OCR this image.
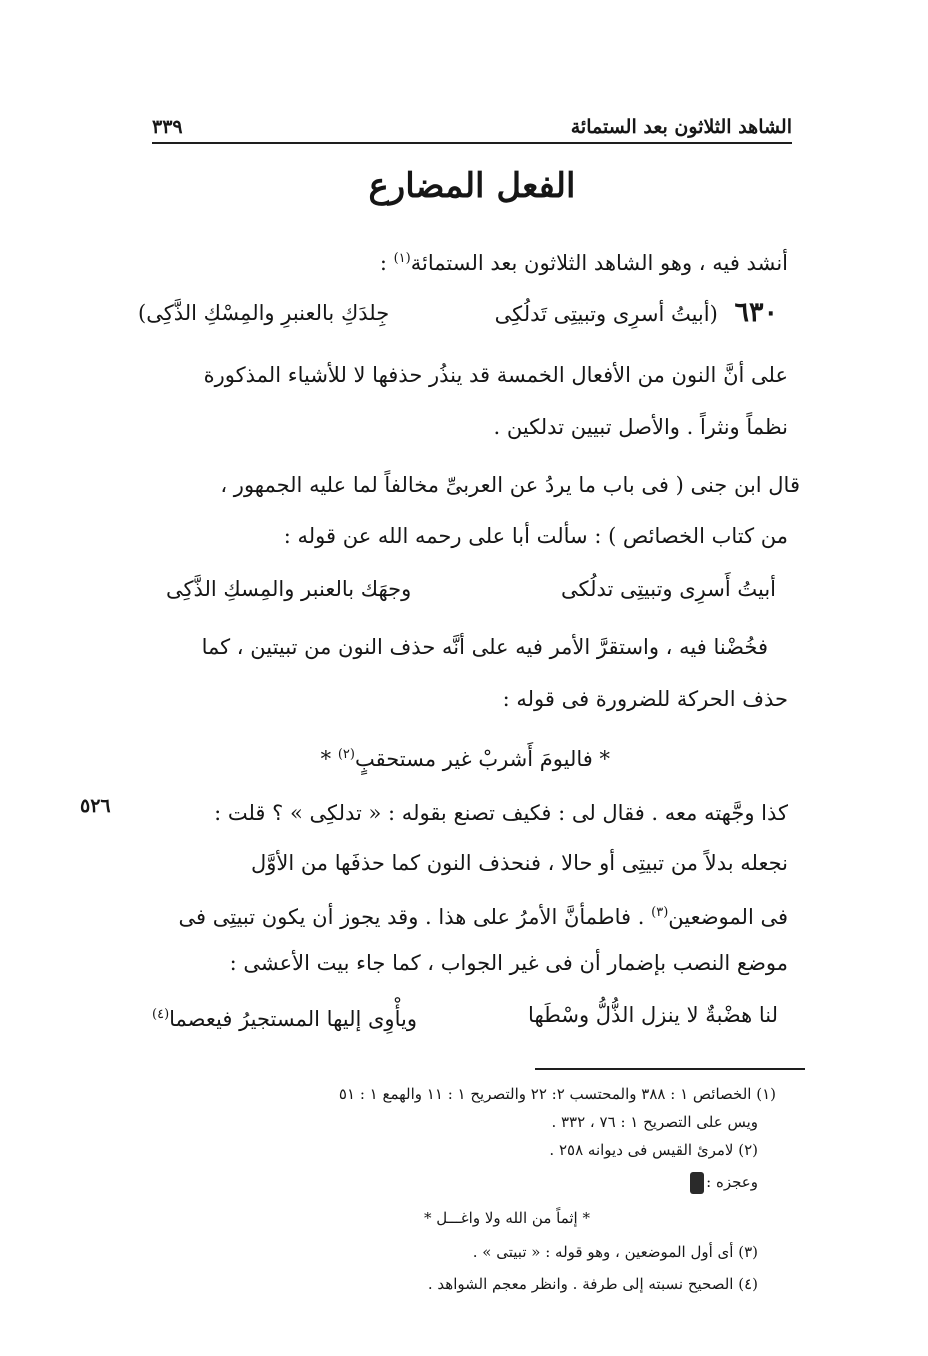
الشاهد الثلاثون بعد الستمائة
٣٣٩
الفعل المضارع

أنشد فيه ، وهو الشاهد الثلاثون بعد الستمائة$^{(١)}$ :

٦٣٠ (أبيتُ أسرِى وتبيتِى تَدلُكِى
جِلدَكِ بالعنبرِ والمِسْكِ الذَّكِى)

على أنَّ النون من الأفعال الخمسة قد ينذُر حذفها لا للأشياء المذكورة

نظماً ونثراً . والأصل تبيين تدلكين .

قال ابن جنى ( فى باب ما يردُ عن العربىِّ مخالفاً لما عليه الجمهور ،

من كتاب الخصائص ) : سألت أبا على رحمه الله عن قوله :

أبيتُ أَسرِى وتبيتِى تدلُكى
وجهَك بالعنبر والمِسكِ الذَّكِى

فخُضْنا فيه ، واستقرَّ الأمر فيه على أنَّه حذف النون من تبيتين ، كما

حذف الحركة للضرورة فى قوله :

* فاليومَ أَشربْ غير مستحقبٍ$^{(٢)}$ *

٥٢٦	كذا وجَّهته معه . فقال لى : فكيف تصنع بقوله : « تدلكِى » ؟ قلت :

نجعله بدلاً من تبيتِى أو حالا ، فنحذف النون كما حذفَها من الأوَّل

فى الموضعين$^{(٣)}$ . فاطمأنَّ الأمرُ على هذا . وقد يجوز أن يكون تبيتِى فى

موضع النصب بإضمار أن فى غير الجواب ، كما جاء بيت الأعشى :

لنا هضْبةٌ لا ينزل الذُّلُّ وسْطَها
ويأْوِى إليها المستجيرُ فيعصما$^{(٤)}$

(١) الخصائص ١ : ٣٨٨ والمحتسب ٢: ٢٢ والتصريح ١ : ١١ والهمع ١ : ٥١

ويس على التصريح ١ : ٧٦ ، ٣٣٢ .

(٢) لامرئ القيس فى ديوانه ٢٥٨ .

وعجزه :

* إثماً من الله ولا واغـــل *

(٣) أى أول الموضعين ، وهو قوله : « تبيتى » .

(٤) الصحيح نسبته إلى طرفة . وانظر معجم الشواهد .
